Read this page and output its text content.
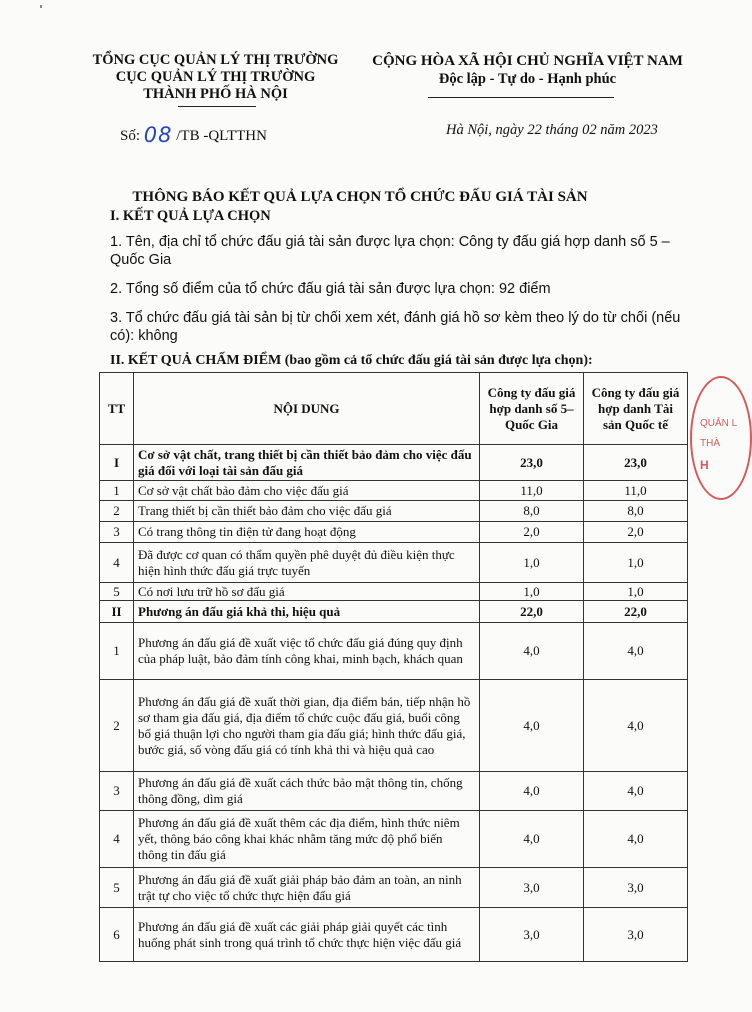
TỔNG CỤC QUẢN LÝ THỊ TRƯỜNG
CỤC QUẢN LÝ THỊ TRƯỜNG
THÀNH PHỐ HÀ NỘI
CỘNG HÒA XÃ HỘI CHỦ NGHĨA VIỆT NAM
Độc lập - Tự do - Hạnh phúc
Số: 08 /TB -QLTTHN	Hà Nội, ngày 22 tháng 02 năm 2023
THÔNG BÁO KẾT QUẢ LỰA CHỌN TỔ CHỨC ĐẤU GIÁ TÀI SẢN
I. KẾT QUẢ LỰA CHỌN
1. Tên, địa chỉ tổ chức đấu giá tài sản được lựa chọn: Công ty đấu giá hợp danh số 5 – Quốc Gia
2. Tổng số điểm của tổ chức đấu giá tài sản được lựa chọn: 92 điểm
3. Tổ chức đấu giá tài sản bị từ chối xem xét, đánh giá hồ sơ kèm theo lý do từ chối (nếu có): không
II. KẾT QUẢ CHẤM ĐIỂM (bao gồm cả tổ chức đấu giá tài sản được lựa chọn):
TT	NỘI DUNG	Công ty đấu giá hợp danh số 5– Quốc Gia	Công ty đấu giá hợp danh Tài sản Quốc tế
I	Cơ sở vật chất, trang thiết bị cần thiết bảo đảm cho việc đấu giá đối với loại tài sản đấu giá	23,0	23,0
1	Cơ sở vật chất bảo đảm cho việc đấu giá	11,0	11,0
2	Trang thiết bị cần thiết bảo đảm cho việc đấu giá	8,0	8,0
3	Có trang thông tin điện tử đang hoạt động	2,0	2,0
4	Đã được cơ quan có thẩm quyền phê duyệt đủ điều kiện thực hiện hình thức đấu giá trực tuyến	1,0	1,0
5	Có nơi lưu trữ hồ sơ đấu giá	1,0	1,0
II	Phương án đấu giá khả thi, hiệu quả	22,0	22,0
1	Phương án đấu giá đề xuất việc tổ chức đấu giá đúng quy định của pháp luật, bảo đảm tính công khai, minh bạch, khách quan	4,0	4,0
2	Phương án đấu giá đề xuất thời gian, địa điểm bán, tiếp nhận hồ sơ tham gia đấu giá, địa điểm tổ chức cuộc đấu giá, buổi công bố giá thuận lợi cho người tham gia đấu giá; hình thức đấu giá, bước giá, số vòng đấu giá có tính khả thi và hiệu quả cao	4,0	4,0
3	Phương án đấu giá đề xuất cách thức bảo mật thông tin, chống thông đồng, dìm giá	4,0	4,0
4	Phương án đấu giá đề xuất thêm các địa điểm, hình thức niêm yết, thông báo công khai khác nhằm tăng mức độ phổ biến thông tin đấu giá	4,0	4,0
5	Phương án đấu giá đề xuất giải pháp bảo đảm an toàn, an ninh trật tự cho việc tổ chức thực hiện đấu giá	3,0	3,0
6	Phương án đấu giá đề xuất các giải pháp giải quyết các tình huống phát sinh trong quá trình tổ chức thực hiện việc đấu giá	3,0	3,0
QUẢN L
THÀ
H
